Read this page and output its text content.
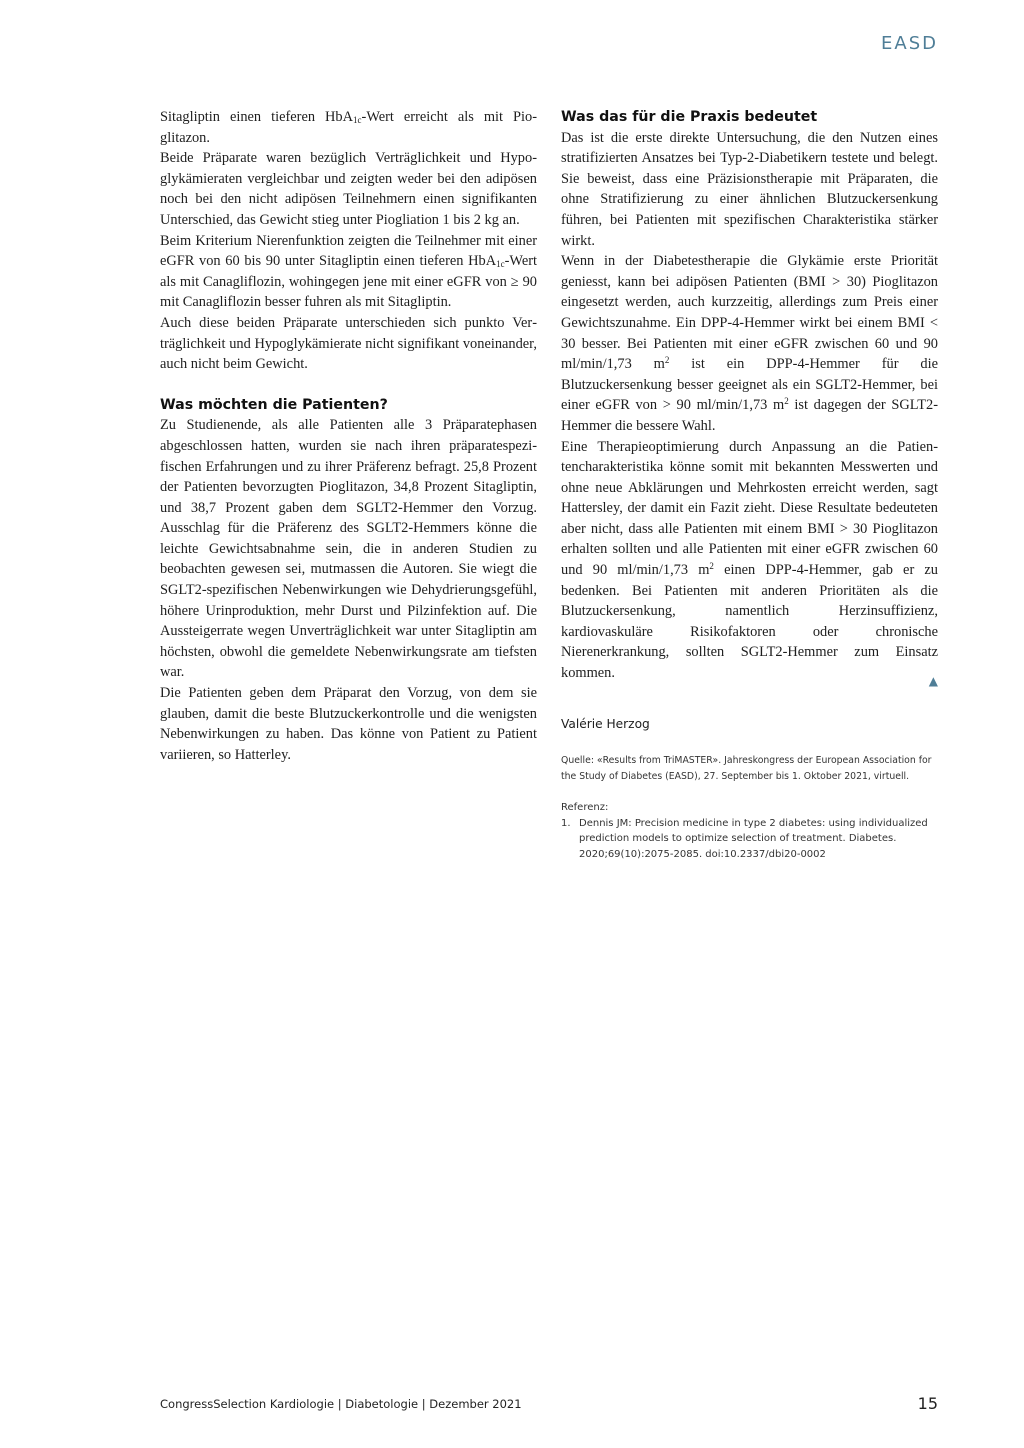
EASD

Sitagliptin einen tieferen HbA$_{1c}$-Wert erreicht als mit Pioglitazon.

Beide Präparate waren bezüglich Verträglichkeit und Hypoglykämieraten vergleichbar und zeigten weder bei den adipösen noch bei den nicht adipösen Teilnehmern einen signifikanten Unterschied, das Gewicht stieg unter Piogliation 1 bis 2 kg an.

Beim Kriterium Nierenfunktion zeigten die Teilnehmer mit einer eGFR von 60 bis 90 unter Sitagliptin einen tieferen HbA$_{1c}$-Wert als mit Canagliflozin, wohingegen jene mit einer eGFR von ≥ 90 mit Canagliflozin besser fuhren als mit Sitagliptin.

Auch diese beiden Präparate unterschieden sich punkto Verträglichkeit und Hypoglykämierate nicht signifikant voneinander, auch nicht beim Gewicht.

Was möchten die Patienten?

Zu Studienende, als alle Patienten alle 3 Präparatephasen abgeschlossen hatten, wurden sie nach ihren präparatespezifischen Erfahrungen und zu ihrer Präferenz befragt. 25,8 Prozent der Patienten bevorzugten Pioglitazon, 34,8 Prozent Sitagliptin, und 38,7 Prozent gaben dem SGLT2-Hemmer den Vorzug. Ausschlag für die Präferenz des SGLT2-Hemmers könne die leichte Gewichtsabnahme sein, die in anderen Studien zu beobachten gewesen sei, mutmassen die Autoren. Sie wiegt die SGLT2-spezifischen Nebenwirkungen wie Dehydrierungsgefühl, höhere Urinproduktion, mehr Durst und Pilzinfektion auf. Die Aussteigerrate wegen Unverträglichkeit war unter Sitagliptin am höchsten, obwohl die gemeldete Nebenwirkungsrate am tiefsten war.

Die Patienten geben dem Präparat den Vorzug, von dem sie glauben, damit die beste Blutzuckerkontrolle und die wenigsten Nebenwirkungen zu haben. Das könne von Patient zu Patient variieren, so Hatterley.

Was das für die Praxis bedeutet

Das ist die erste direkte Untersuchung, die den Nutzen eines stratifizierten Ansatzes bei Typ-2-Diabetikern testete und belegt. Sie beweist, dass eine Präzisionstherapie mit Präparaten, die ohne Stratifizierung zu einer ähnlichen Blutzuckersenkung führen, bei Patienten mit spezifischen Charakteristika stärker wirkt.

Wenn in der Diabetestherapie die Glykämie erste Priorität geniesst, kann bei adipösen Patienten (BMI > 30) Pioglitazon eingesetzt werden, auch kurzzeitig, allerdings zum Preis einer Gewichtszunahme. Ein DPP-4-Hemmer wirkt bei einem BMI < 30 besser. Bei Patienten mit einer eGFR zwischen 60 und 90 ml/min/1,73 $m^2$ ist ein DPP-4-Hemmer für die Blutzuckersenkung besser geeignet als ein SGLT2-Hemmer, bei einer eGFR von > 90 ml/min/1,73 $m^2$ ist dagegen der SGLT2-Hemmer die bessere Wahl.

Eine Therapieoptimierung durch Anpassung an die Patientencharakteristika könne somit mit bekannten Messwerten und ohne neue Abklärungen und Mehrkosten erreicht werden, sagt Hattersley, der damit ein Fazit zieht. Diese Resultate bedeuteten aber nicht, dass alle Patienten mit einem BMI > 30 Pioglitazon erhalten sollten und alle Patienten mit einer eGFR zwischen 60 und 90 ml/min/1,73 $m^2$ einen DPP-4-Hemmer, gab er zu bedenken. Bei Patienten mit anderen Prioritäten als die Blutzuckersenkung, namentlich Herzinsuffizienz, kardiovaskuläre Risikofaktoren oder chronische Nierenerkrankung, sollten SGLT2-Hemmer zum Einsatz kommen.	▲
Valérie Herzog
Quelle: «Results from TriMASTER». Jahreskongress der European Association for the Study of Diabetes (EASD), 27. September bis 1. Oktober 2021, virtuell.
Referenz:
1. Dennis JM: Precision medicine in type 2 diabetes: using individualized prediction models to optimize selection of treatment. Diabetes. 2020;69(10):2075-2085. doi:10.2337/dbi20-0002
CongressSelection Kardiologie | Diabetologie | Dezember 2021	15
